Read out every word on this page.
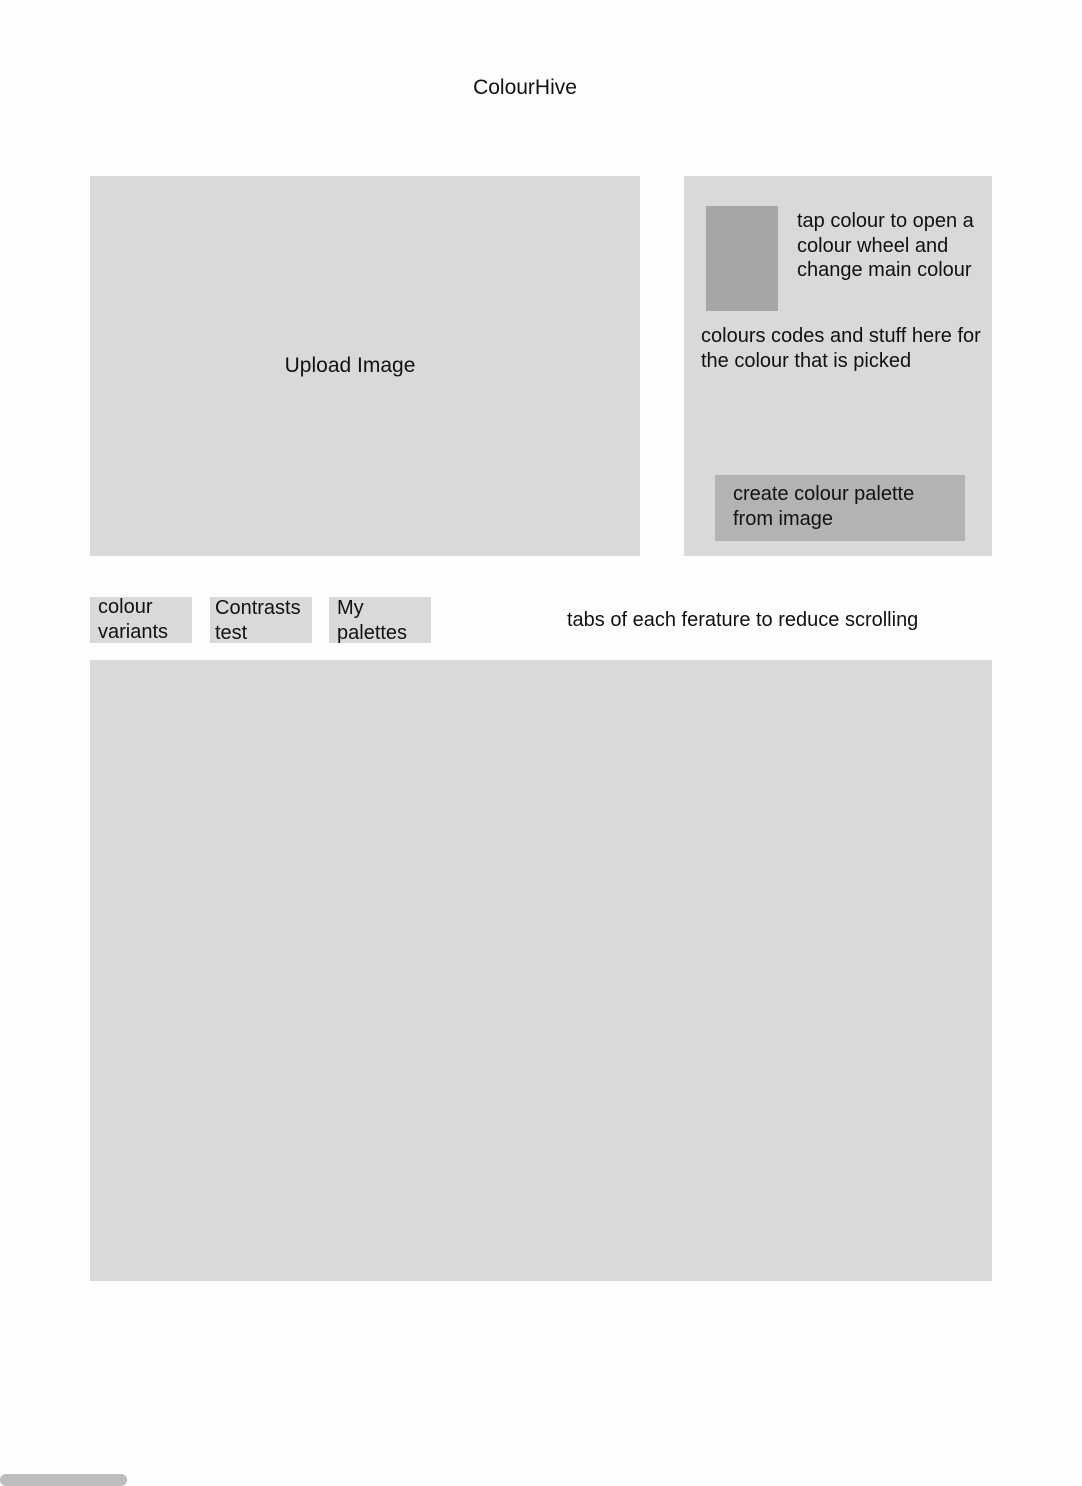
ColourHive
Upload Image
tap colour to open a colour wheel and change main colour
colours codes and stuff here for the colour that is picked
create colour palette from image

colour
variants

Contrasts
test

My
palettes

tabs of each ferature to reduce scrolling
